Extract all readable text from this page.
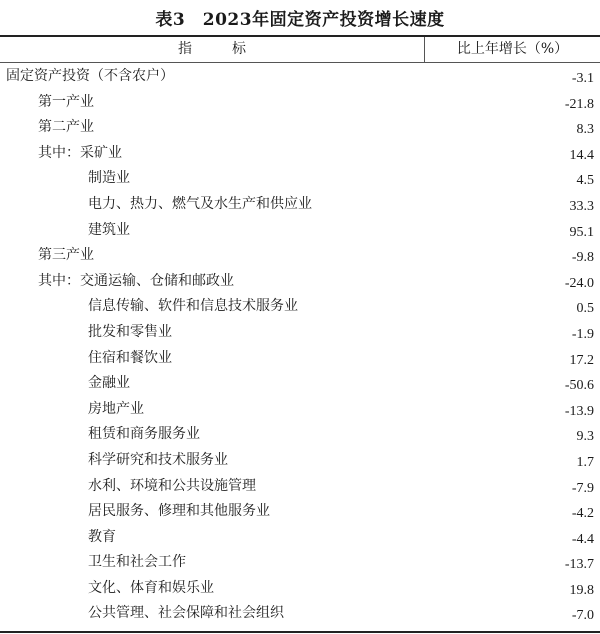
表3　2023年固定资产投资增长速度
指标	比上年增长（%）
固定资产投资（不含农户）	-3.1
第一产业	-21.8
第二产业	8.3
其中：采矿业	14.4
制造业	4.5
电力、热力、燃气及水生产和供应业	33.3
建筑业	95.1
第三产业	-9.8
其中：交通运输、仓储和邮政业	-24.0
信息传输、软件和信息技术服务业	0.5
批发和零售业	-1.9
住宿和餐饮业	17.2
金融业	-50.6
房地产业	-13.9
租赁和商务服务业	9.3
科学研究和技术服务业	1.7
水利、环境和公共设施管理	-7.9
居民服务、修理和其他服务业	-4.2
教育	-4.4
卫生和社会工作	-13.7
文化、体育和娱乐业	19.8
公共管理、社会保障和社会组织	-7.0
